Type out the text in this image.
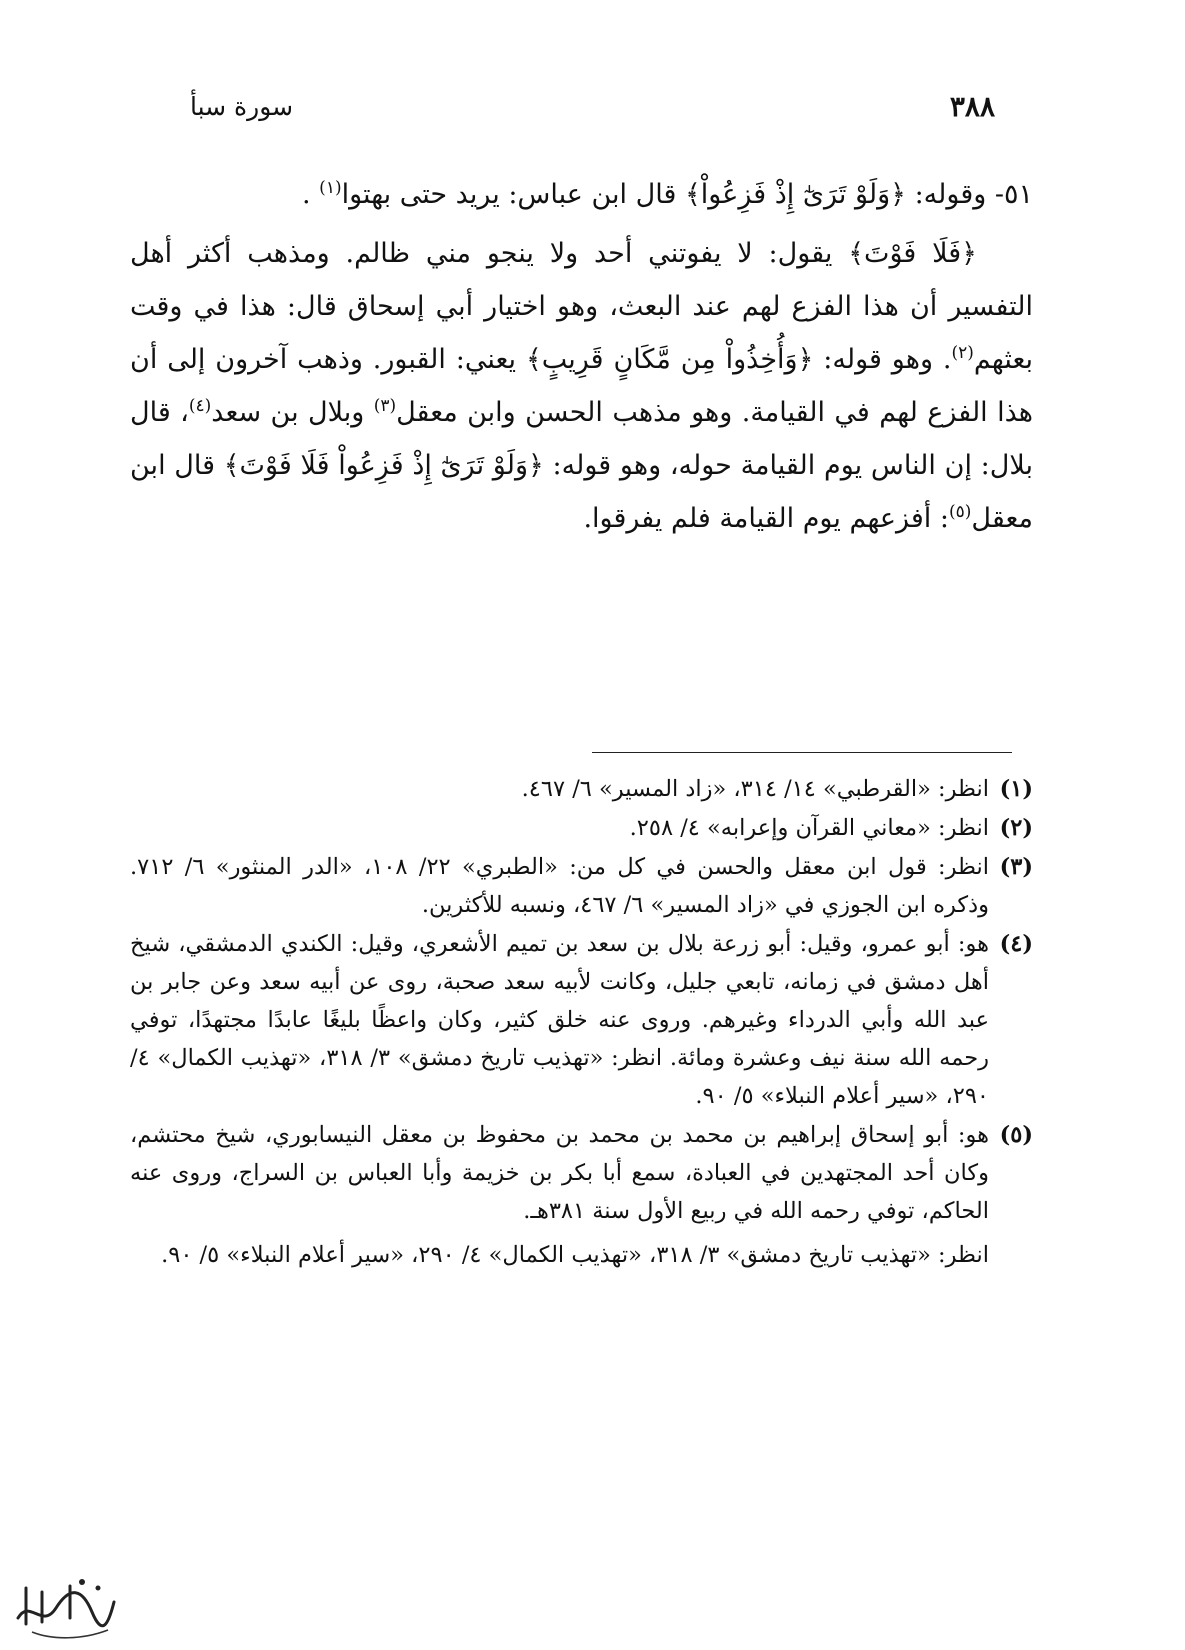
سورة سبأ	٣٨٨

٥١- وقوله: ﴿وَلَوْ تَرَىٰٓ إِذْ فَزِعُواْ﴾ قال ابن عباس: يريد حتى بهتوا$^{(١)}$ .

﴿فَلَا فَوْتَ﴾ يقول: لا يفوتني أحد ولا ينجو مني ظالم. ومذهب أكثر أهل التفسير أن هذا الفزع لهم عند البعث، وهو اختيار أبي إسحاق قال: هذا في وقت بعثهم$^{(٢)}$. وهو قوله: ﴿وَأُخِذُواْ مِن مَّكَانٍ قَرِيبٍ﴾ يعني: القبور. وذهب آخرون إلى أن هذا الفزع لهم في القيامة. وهو مذهب الحسن وابن معقل$^{(٣)}$ وبلال بن سعد$^{(٤)}$، قال بلال: إن الناس يوم القيامة حوله، وهو قوله: ﴿وَلَوْ تَرَىٰٓ إِذْ فَزِعُواْ فَلَا فَوْتَ﴾ قال ابن معقل$^{(٥)}$: أفزعهم يوم القيامة فلم يفرقوا.

(١)
انظر: «القرطبي» ١٤/ ٣١٤، «زاد المسير» ٦/ ٤٦٧.
(٢)
انظر: «معاني القرآن وإعرابه» ٤/ ٢٥٨.
(٣)
انظر: قول ابن معقل والحسن في كل من: «الطبري» ٢٢/ ١٠٨، «الدر المنثور» ٦/ ٧١٢. وذكره ابن الجوزي في «زاد المسير» ٦/ ٤٦٧، ونسبه للأكثرين.
(٤)
هو: أبو عمرو، وقيل: أبو زرعة بلال بن سعد بن تميم الأشعري، وقيل: الكندي الدمشقي، شيخ أهل دمشق في زمانه، تابعي جليل، وكانت لأبيه سعد صحبة، روى عن أبيه سعد وعن جابر بن عبد الله وأبي الدرداء وغيرهم. وروى عنه خلق كثير، وكان واعظًا بليغًا عابدًا مجتهدًا، توفي رحمه الله سنة نيف وعشرة ومائة. انظر: «تهذيب تاريخ دمشق» ٣/ ٣١٨، «تهذيب الكمال» ٤/ ٢٩٠، «سير أعلام النبلاء» ٥/ ٩٠.
(٥)
هو: أبو إسحاق إبراهيم بن محمد بن محمد بن محفوظ بن معقل النيسابوري، شيخ محتشم، وكان أحد المجتهدين في العبادة، سمع أبا بكر بن خزيمة وأبا العباس بن السراج، وروى عنه الحاكم، توفي رحمه الله في ربيع الأول سنة ٣٨١هـ.
انظر: «تهذيب تاريخ دمشق» ٣/ ٣١٨، «تهذيب الكمال» ٤/ ٢٩٠، «سير أعلام النبلاء» ٥/ ٩٠.
